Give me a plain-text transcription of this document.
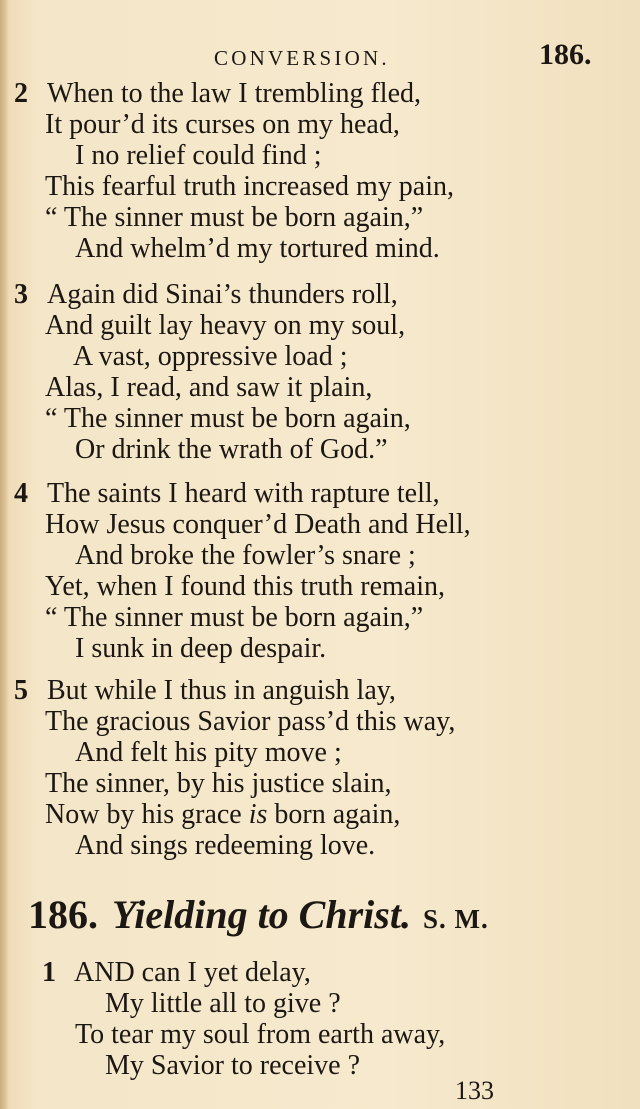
CONVERSION.	186.
2 When to the law I trembling fled,
It pour’d its curses on my head,
I no relief could find ;
This fearful truth increased my pain,
“ The sinner must be born again,”
And whelm’d my tortured mind.
3 Again did Sinai’s thunders roll,
And guilt lay heavy on my soul,
A vast, oppressive load ;
Alas, I read, and saw it plain,
“ The sinner must be born again,
Or drink the wrath of God.”
4 The saints I heard with rapture tell,
How Jesus conquer’d Death and Hell,
And broke the fowler’s snare ;
Yet, when I found this truth remain,
“ The sinner must be born again,”
I sunk in deep despair.
5 But while I thus in anguish lay,
The gracious Savior pass’d this way,
And felt his pity move ;
The sinner, by his justice slain,
Now by his grace is born again,
And sings redeeming love.
186. Yielding to Christ. S. M.
1 AND can I yet delay,
My little all to give ?
To tear my soul from earth away,
My Savior to receive ?
133
